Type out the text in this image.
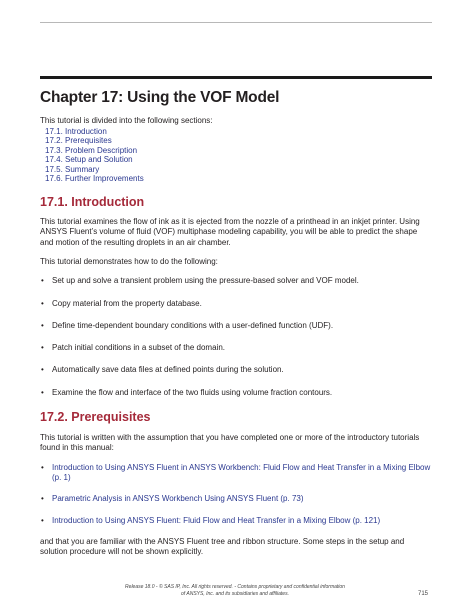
Chapter 17: Using the VOF Model
This tutorial is divided into the following sections:
17.1. Introduction
17.2. Prerequisites
17.3. Problem Description
17.4. Setup and Solution
17.5. Summary
17.6. Further Improvements
17.1. Introduction

This tutorial examines the flow of ink as it is ejected from the nozzle of a printhead in an inkjet printer. Using ANSYS Fluent’s volume of fluid (VOF) multiphase modeling capability, you will be able to predict the shape and motion of the resulting droplets in an air chamber.

This tutorial demonstrates how to do the following:

• Set up and solve a transient problem using the pressure-based solver and VOF model.
• Copy material from the property database.
• Define time-dependent boundary conditions with a user-defined function (UDF).
• Patch initial conditions in a subset of the domain.
• Automatically save data files at defined points during the solution.
• Examine the flow and interface of the two fluids using volume fraction contours.
17.2. Prerequisites

This tutorial is written with the assumption that you have completed one or more of the introductory tutorials found in this manual:

• Introduction to Using ANSYS Fluent in ANSYS Workbench: Fluid Flow and Heat Transfer in a Mixing Elbow (p. 1)
• Parametric Analysis in ANSYS Workbench Using ANSYS Fluent (p. 73)
• Introduction to Using ANSYS Fluent: Fluid Flow and Heat Transfer in a Mixing Elbow (p. 121)

and that you are familiar with the ANSYS Fluent tree and ribbon structure. Some steps in the setup and solution procedure will not be shown explicitly.

Release 18.0 - © SAS IP, Inc. All rights reserved. - Contains proprietary and confidential information
of ANSYS, Inc. and its subsidiaries and affiliates.	715
